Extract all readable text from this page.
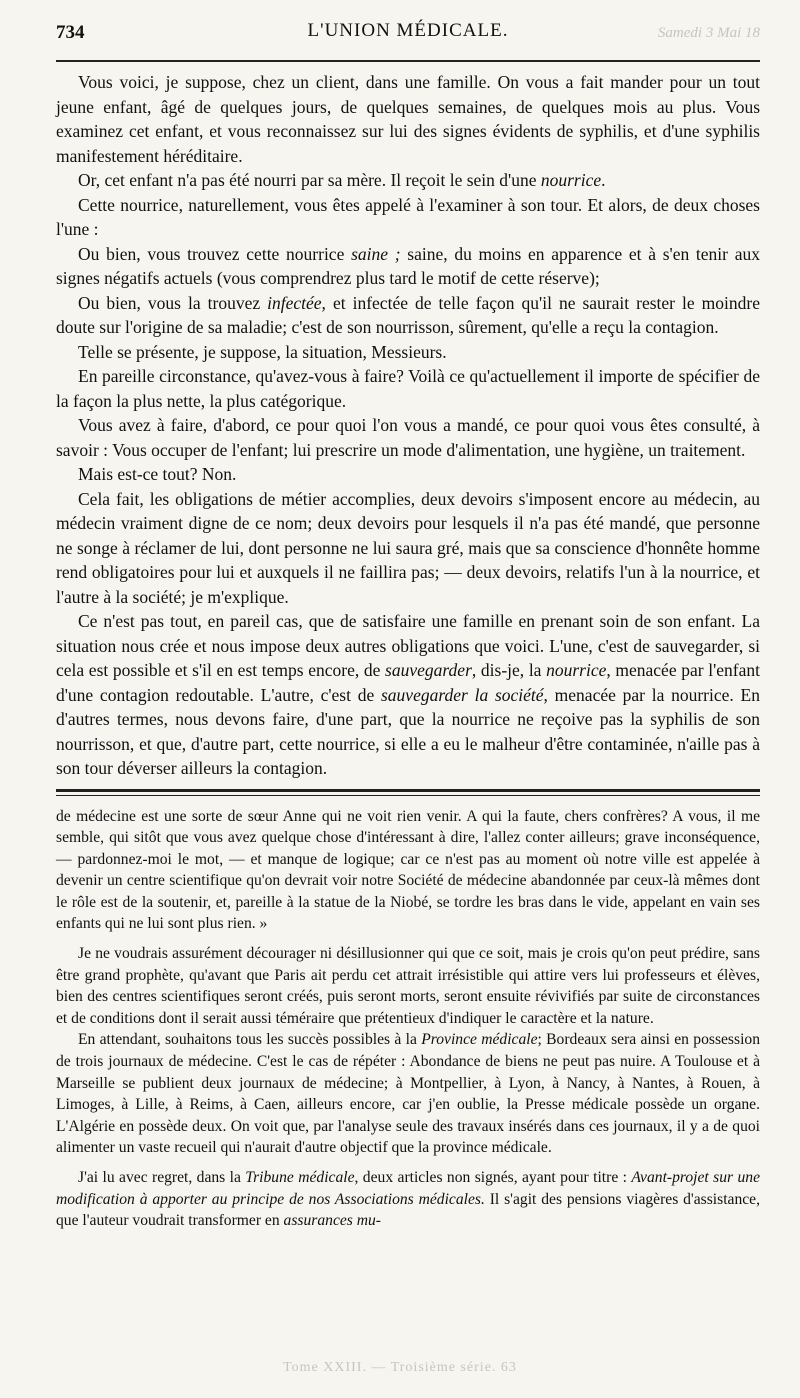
734	L'UNION MÉDICALE.	Samedi 3 Mai 18

Vous voici, je suppose, chez un client, dans une famille. On vous a fait mander pour un tout jeune enfant, âgé de quelques jours, de quelques semaines, de quelques mois au plus. Vous examinez cet enfant, et vous reconnaissez sur lui des signes évidents de syphilis, et d'une syphilis manifestement héréditaire.

Or, cet enfant n'a pas été nourri par sa mère. Il reçoit le sein d'une nourrice.

Cette nourrice, naturellement, vous êtes appelé à l'examiner à son tour. Et alors, de deux choses l'une :

Ou bien, vous trouvez cette nourrice saine ; saine, du moins en apparence et à s'en tenir aux signes négatifs actuels (vous comprendrez plus tard le motif de cette réserve);

Ou bien, vous la trouvez infectée, et infectée de telle façon qu'il ne saurait rester le moindre doute sur l'origine de sa maladie; c'est de son nourrisson, sûrement, qu'elle a reçu la contagion.

Telle se présente, je suppose, la situation, Messieurs.

En pareille circonstance, qu'avez-vous à faire? Voilà ce qu'actuellement il importe de spécifier de la façon la plus nette, la plus catégorique.

Vous avez à faire, d'abord, ce pour quoi l'on vous a mandé, ce pour quoi vous êtes consulté, à savoir : Vous occuper de l'enfant; lui prescrire un mode d'alimentation, une hygiène, un traitement.

Mais est-ce tout? Non.

Cela fait, les obligations de métier accomplies, deux devoirs s'imposent encore au médecin, au médecin vraiment digne de ce nom; deux devoirs pour lesquels il n'a pas été mandé, que personne ne songe à réclamer de lui, dont personne ne lui saura gré, mais que sa conscience d'honnête homme rend obligatoires pour lui et auxquels il ne faillira pas; — deux devoirs, relatifs l'un à la nourrice, et l'autre à la société; je m'explique.

Ce n'est pas tout, en pareil cas, que de satisfaire une famille en prenant soin de son enfant. La situation nous crée et nous impose deux autres obligations que voici. L'une, c'est de sauvegarder, si cela est possible et s'il en est temps encore, de sauvegarder, dis-je, la nourrice, menacée par l'enfant d'une contagion redoutable. L'autre, c'est de sauvegarder la société, menacée par la nourrice. En d'autres termes, nous devons faire, d'une part, que la nourrice ne reçoive pas la syphilis de son nourrisson, et que, d'autre part, cette nourrice, si elle a eu le malheur d'être contaminée, n'aille pas à son tour déverser ailleurs la contagion.

de médecine est une sorte de sœur Anne qui ne voit rien venir. A qui la faute, chers confrères? A vous, il me semble, qui sitôt que vous avez quelque chose d'intéressant à dire, l'allez conter ailleurs; grave inconséquence, — pardonnez-moi le mot, — et manque de logique; car ce n'est pas au moment où notre ville est appelée à devenir un centre scientifique qu'on devrait voir notre Société de médecine abandonnée par ceux-là mêmes dont le rôle est de la soutenir, et, pareille à la statue de la Niobé, se tordre les bras dans le vide, appelant en vain ses enfants qui ne lui sont plus rien. »

Je ne voudrais assurément décourager ni désillusionner qui que ce soit, mais je crois qu'on peut prédire, sans être grand prophète, qu'avant que Paris ait perdu cet attrait irrésistible qui attire vers lui professeurs et élèves, bien des centres scientifiques seront créés, puis seront morts, seront ensuite révivifiés par suite de circonstances et de conditions dont il serait aussi téméraire que prétentieux d'indiquer le caractère et la nature.

En attendant, souhaitons tous les succès possibles à la Province médicale; Bordeaux sera ainsi en possession de trois journaux de médecine. C'est le cas de répéter : Abondance de biens ne peut pas nuire. A Toulouse et à Marseille se publient deux journaux de médecine; à Montpellier, à Lyon, à Nancy, à Nantes, à Rouen, à Limoges, à Lille, à Reims, à Caen, ailleurs encore, car j'en oublie, la Presse médicale possède un organe. L'Algérie en possède deux. On voit que, par l'analyse seule des travaux insérés dans ces journaux, il y a de quoi alimenter un vaste recueil qui n'aurait d'autre objectif que la province médicale.

J'ai lu avec regret, dans la Tribune médicale, deux articles non signés, ayant pour titre : Avant-projet sur une modification à apporter au principe de nos Associations médicales. Il s'agit des pensions viagères d'assistance, que l'auteur voudrait transformer en assurances mu-

Tome XXIII. — Troisième série. 63
